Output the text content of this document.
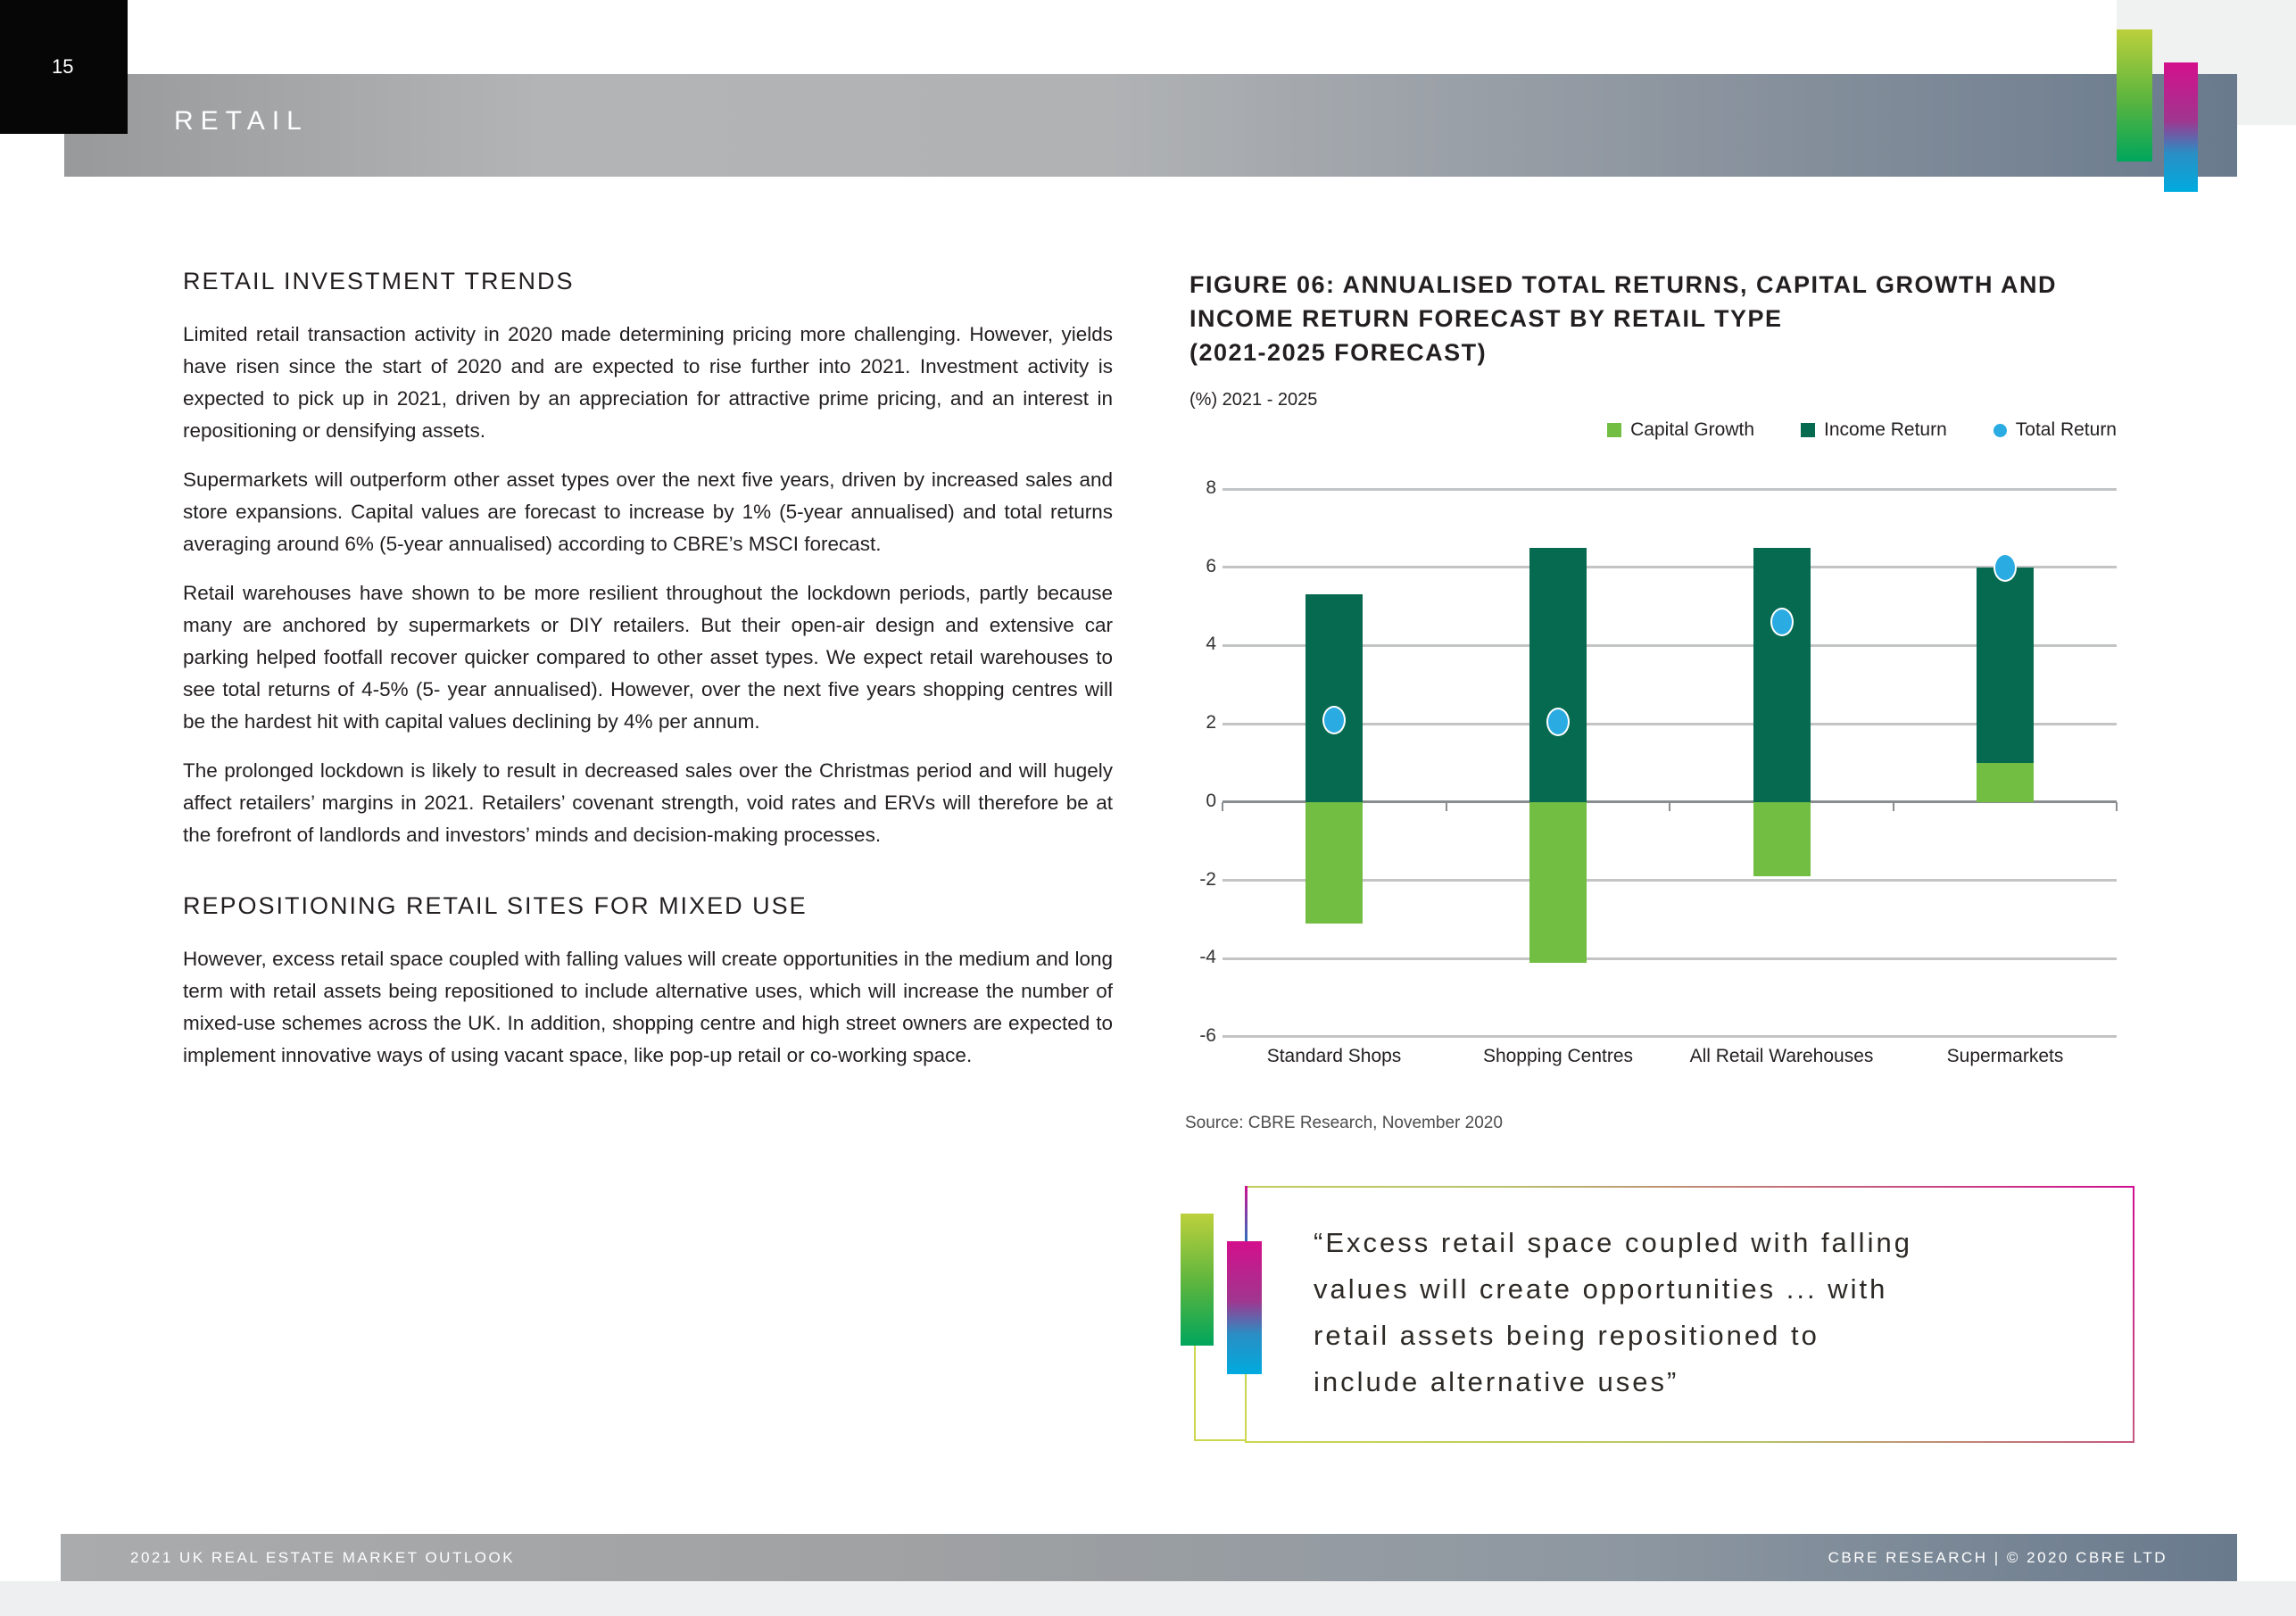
RETAIL
15
RETAIL INVESTMENT TRENDS

Limited retail transaction activity in 2020 made determining pricing more challenging. However, yields have risen since the start of 2020 and are expected to rise further into 2021. Investment activity is expected to pick up in 2021, driven by an appreciation for attractive prime pricing, and an interest in repositioning or densifying assets.

Supermarkets will outperform other asset types over the next five years, driven by increased sales and store expansions. Capital values are forecast to increase by 1% (5-year annualised) and total returns averaging around 6% (5-year annualised) according to CBRE’s MSCI forecast.

Retail warehouses have shown to be more resilient throughout the lockdown periods, partly because many are anchored by supermarkets or DIY retailers. But their open-air design and extensive car parking helped footfall recover quicker compared to other asset types. We expect retail warehouses to see total returns of 4-5% (5- year annualised). However, over the next five years shopping centres will be the hardest hit with capital values declining by 4% per annum.

The prolonged lockdown is likely to result in decreased sales over the Christmas period and will hugely affect retailers’ margins in 2021. Retailers’ covenant strength, void rates and ERVs will therefore be at the forefront of landlords and investors’ minds and decision-making processes.

REPOSITIONING RETAIL SITES FOR MIXED USE

However, excess retail space coupled with falling values will create opportunities in the medium and long term with retail assets being repositioned to include alternative uses, which will increase the number of mixed-use schemes across the UK. In addition, shopping centre and high street owners are expected to implement innovative ways of using vacant space, like pop-up retail or co-working space.

FIGURE 06: ANNUALISED TOTAL RETURNS, CAPITAL GROWTH AND
INCOME RETURN FORECAST BY RETAIL TYPE
(2021-2025 FORECAST)
(%) 2021 - 2025
Capital Growth	Income Return	Total Return
8
6
4
2
0
-2
-4
-6
Standard Shops	Shopping Centres	All Retail Warehouses	Supermarkets
Source: CBRE Research, November 2020
“Excess retail space coupled with falling
values will create opportunities ... with
retail assets being repositioned to
include alternative uses”
2021 UK REAL ESTATE MARKET OUTLOOK	CBRE RESEARCH | © 2020 CBRE LTD
